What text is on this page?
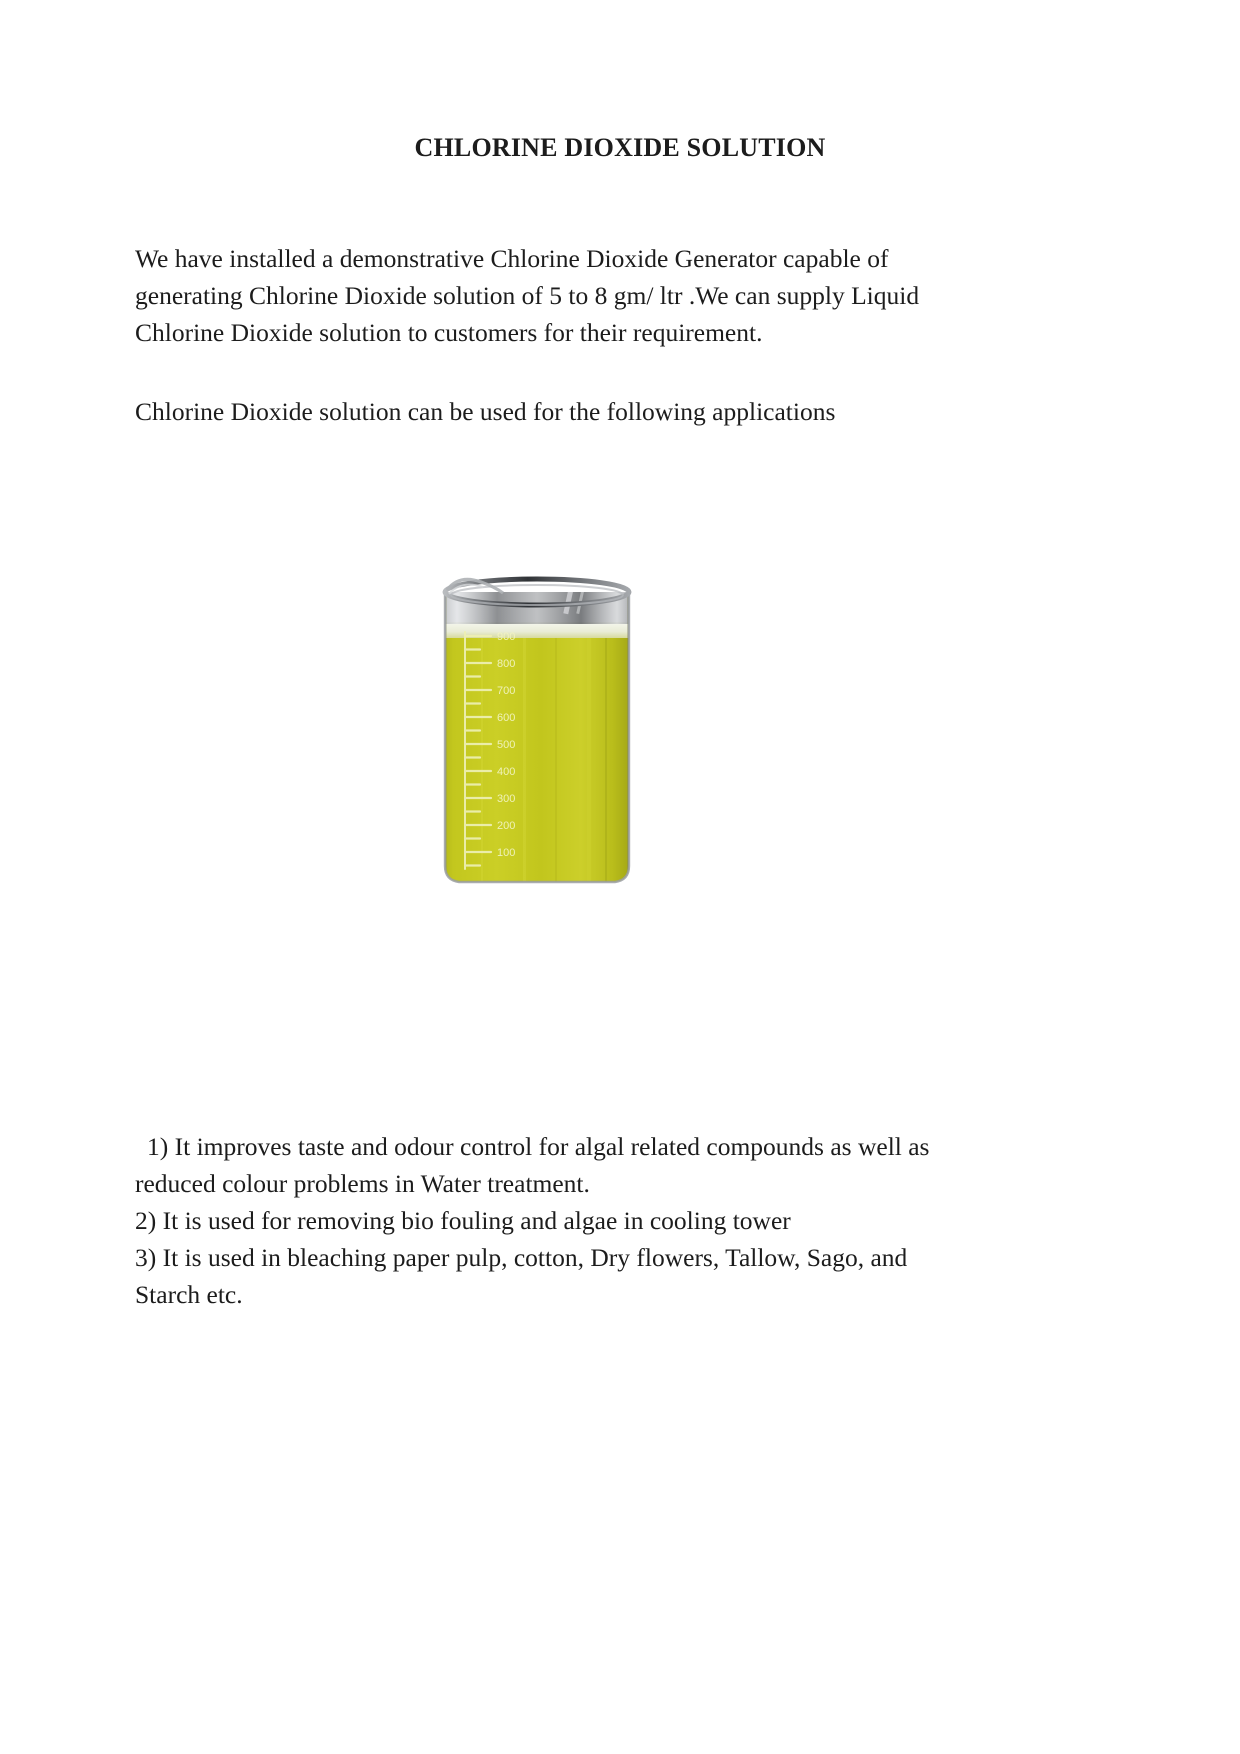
CHLORINE DIOXIDE SOLUTION
We have installed a demonstrative Chlorine Dioxide Generator capable of generating Chlorine Dioxide solution of 5 to 8 gm/ ltr .We can supply Liquid Chlorine Dioxide solution to customers for their requirement.
Chlorine Dioxide solution can be used for the following applications
900
800
700
600
500
400
300
200
100
1) It improves taste and odour control for algal related compounds as well as reduced colour problems in Water treatment.
2) It is used for removing bio fouling and algae in cooling tower
3) It is used in bleaching paper pulp, cotton, Dry flowers, Tallow, Sago, and Starch etc.
